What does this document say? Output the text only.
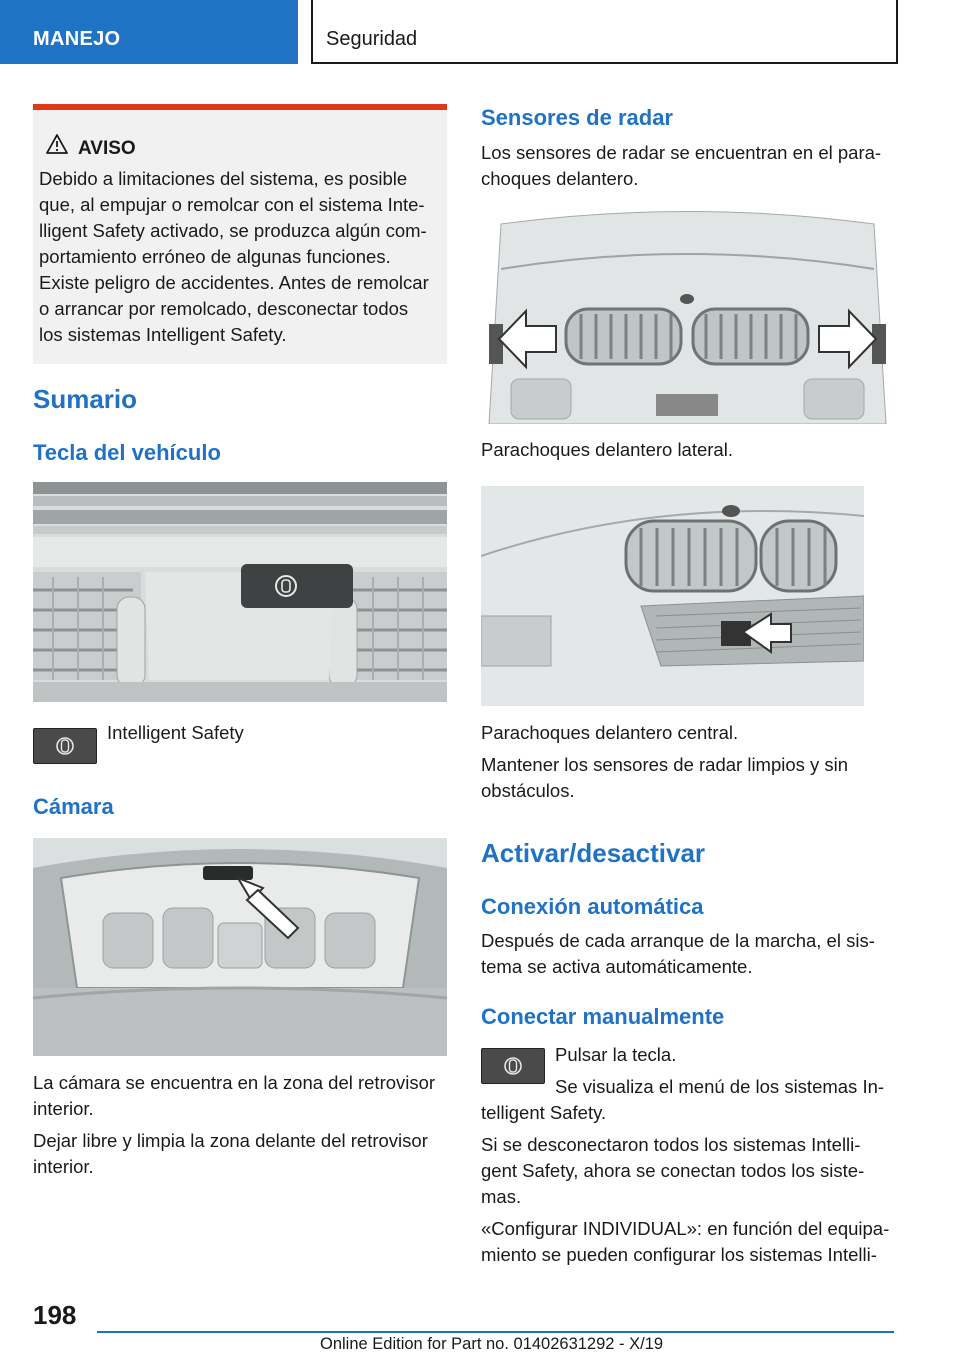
MANEJO	Seguridad
AVISO
Debido a limitaciones del sistema, es posible
que, al empujar o remolcar con el sistema Inte-
lligent Safety activado, se produzca algún com-
portamiento erróneo de algunas funciones.
Existe peligro de accidentes. Antes de remolcar
o arrancar por remolcado, desconectar todos
los sistemas Intelligent Safety.
Sumario
Tecla del vehículo
Intelligent Safety
Cámara
La cámara se encuentra en la zona del retrovisor
interior.
Dejar libre y limpia la zona delante del retrovisor
interior.
Sensores de radar
Los sensores de radar se encuentran en el para-
choques delantero.
Parachoques delantero lateral.
Parachoques delantero central.
Mantener los sensores de radar limpios y sin
obstáculos.
Activar/desactivar
Conexión automática
Después de cada arranque de la marcha, el sis-
tema se activa automáticamente.
Conectar manualmente
Pulsar la tecla.
Se visualiza el menú de los sistemas In-
telligent Safety.
Si se desconectaron todos los sistemas Intelli-
gent Safety, ahora se conectan todos los siste-
mas.
«Configurar INDIVIDUAL»: en función del equipa-
miento se pueden configurar los sistemas Intelli-
198
Online Edition for Part no. 01402631292 - X/19
